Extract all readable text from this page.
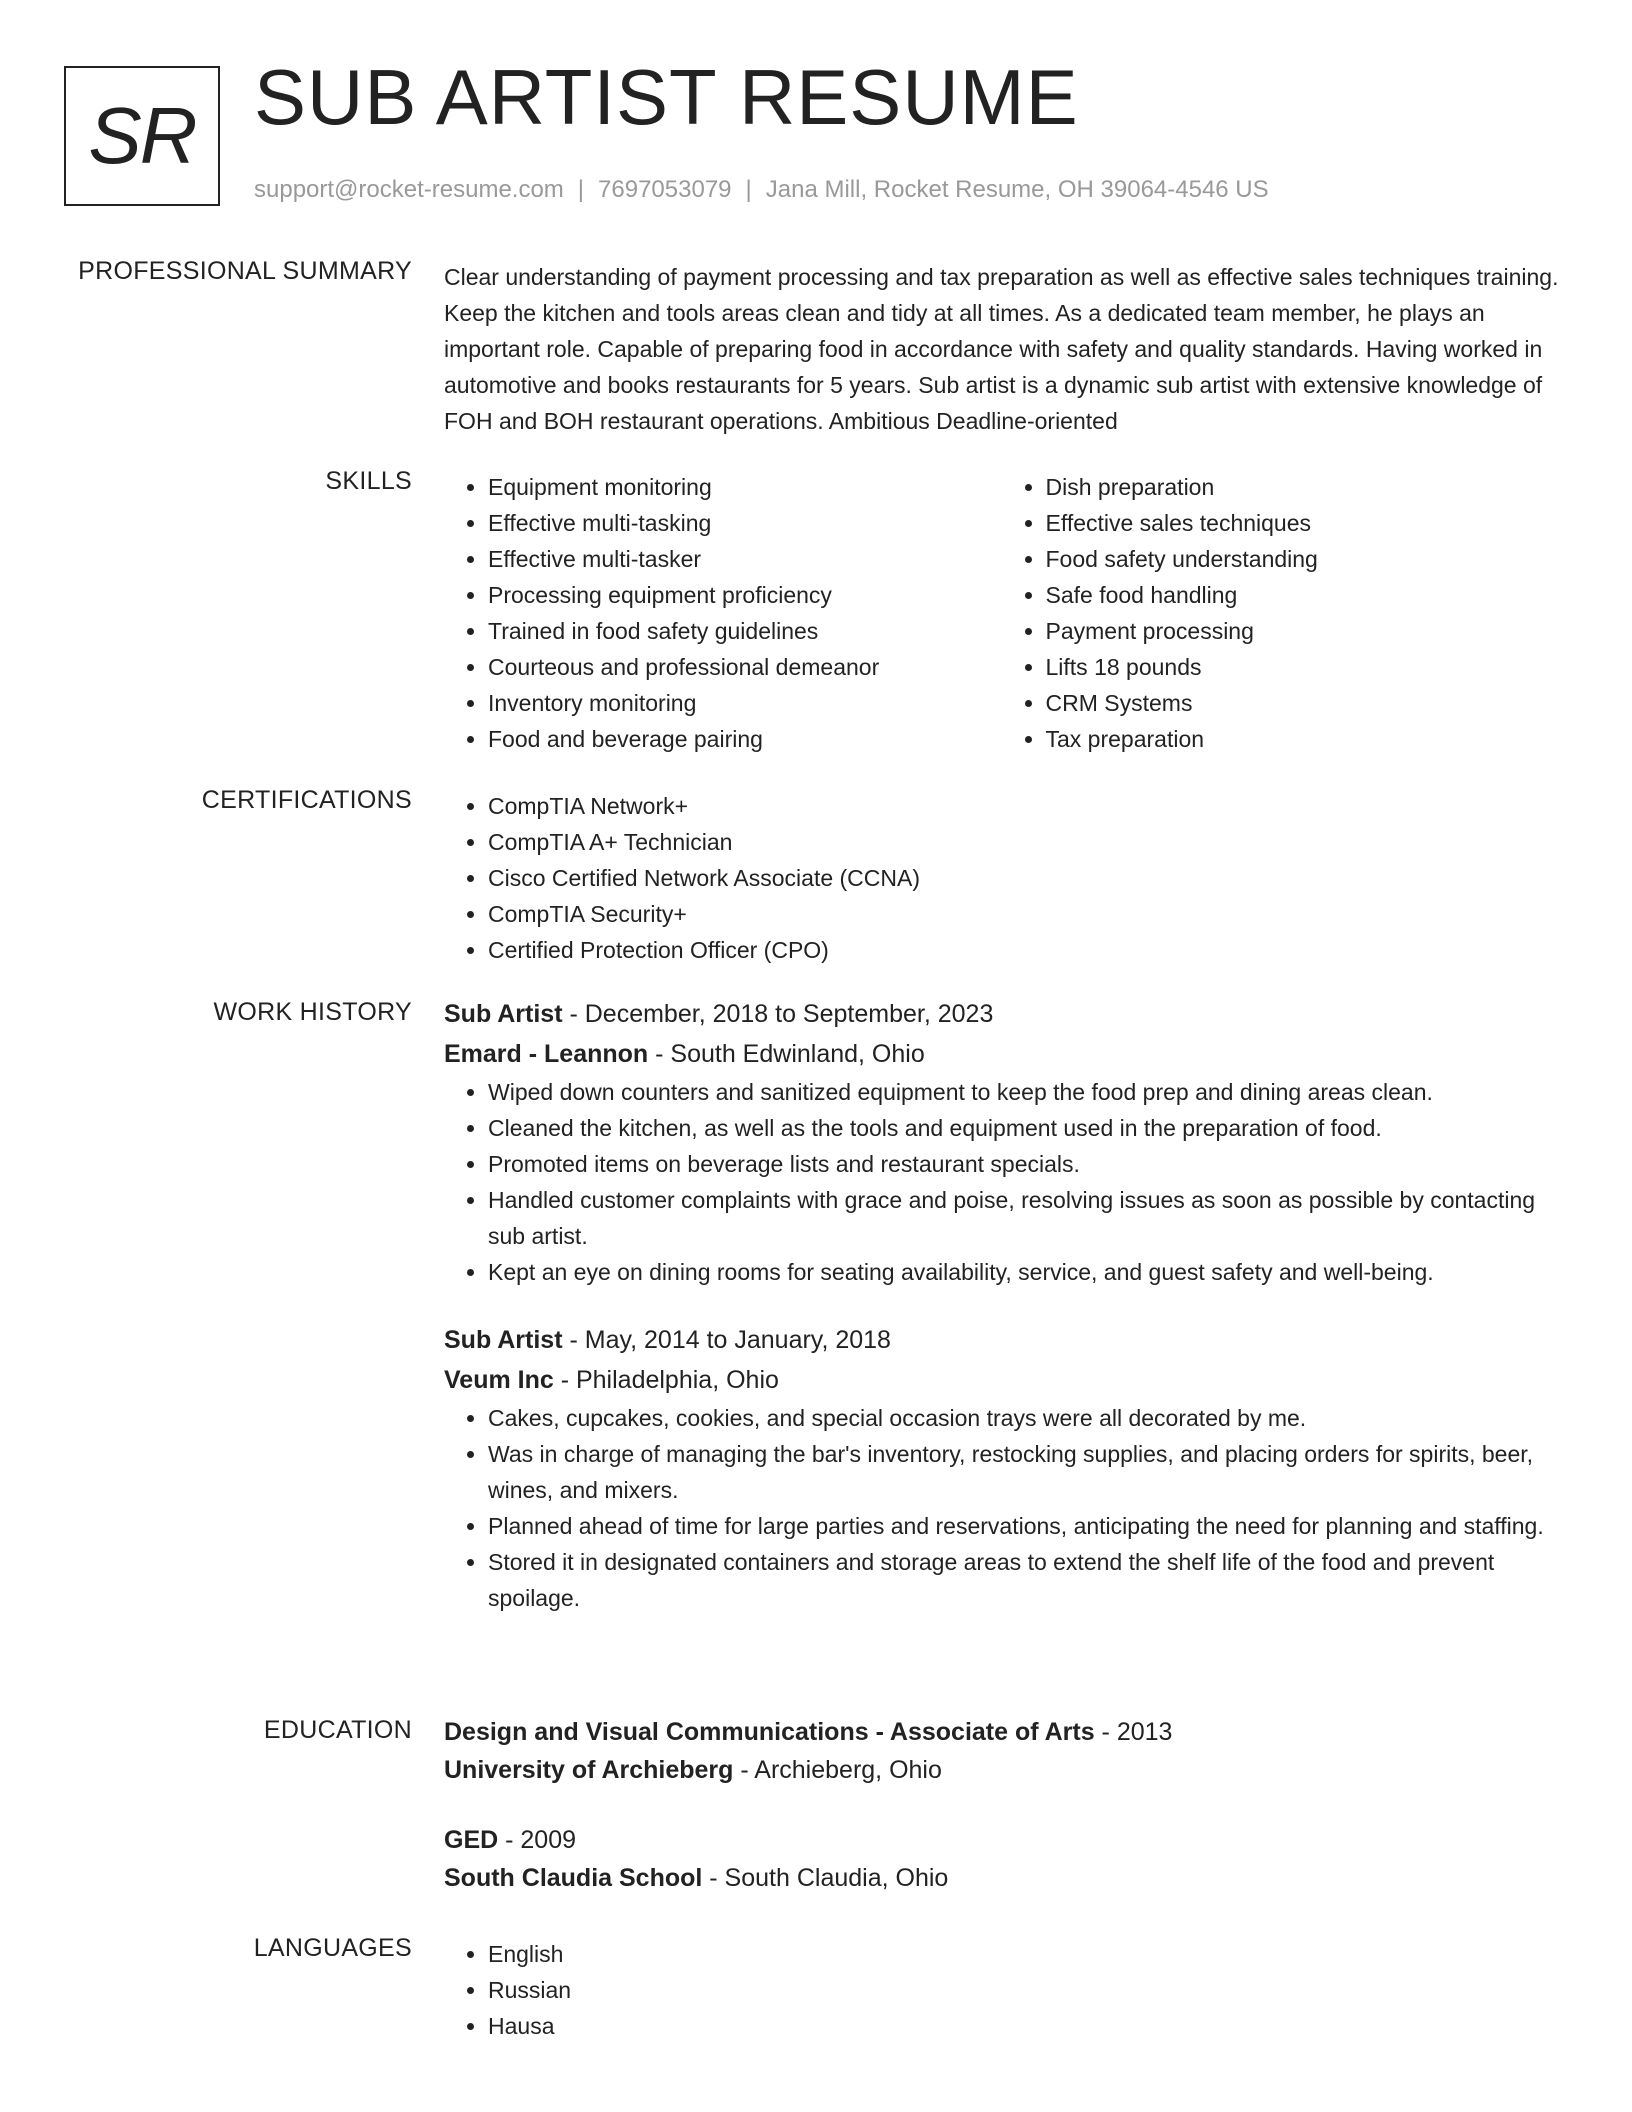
SR SUB ARTIST RESUME
support@rocket-resume.com | 7697053079 | Jana Mill, Rocket Resume, OH 39064-4546 US
PROFESSIONAL SUMMARY Clear understanding of payment processing and tax preparation as well as effective sales techniques training. Keep the kitchen and tools areas clean and tidy at all times. As a dedicated team member, he plays an important role. Capable of preparing food in accordance with safety and quality standards. Having worked in automotive and books restaurants for 5 years. Sub artist is a dynamic sub artist with extensive knowledge of FOH and BOH restaurant operations. Ambitious Deadline-oriented

SKILLS	• Equipment monitoring
• Effective multi-tasking
• Effective multi-tasker
• Processing equipment proficiency
• Trained in food safety guidelines
• Courteous and professional demeanor
• Inventory monitoring
• Food and beverage pairing
• Dish preparation
• Effective sales techniques
• Food safety understanding
• Safe food handling
• Payment processing
• Lifts 18 pounds
• CRM Systems
• Tax preparation
CERTIFICATIONS	• CompTIA Network+
• CompTIA A+ Technician
• Cisco Certified Network Associate (CCNA)
• CompTIA Security+
• Certified Protection Officer (CPO)
WORK HISTORY Sub Artist - December, 2018 to September, 2023
Emard - Leannon - South Edwinland, Ohio
• Wiped down counters and sanitized equipment to keep the food prep and dining areas clean.
• Cleaned the kitchen, as well as the tools and equipment used in the preparation of food.
• Promoted items on beverage lists and restaurant specials.
• Handled customer complaints with grace and poise, resolving issues as soon as possible by contacting sub artist.
• Kept an eye on dining rooms for seating availability, service, and guest safety and well-being.
Sub Artist - May, 2014 to January, 2018
Veum Inc - Philadelphia, Ohio
• Cakes, cupcakes, cookies, and special occasion trays were all decorated by me.
• Was in charge of managing the bar's inventory, restocking supplies, and placing orders for spirits, beer, wines, and mixers.
• Planned ahead of time for large parties and reservations, anticipating the need for planning and staffing.
• Stored it in designated containers and storage areas to extend the shelf life of the food and prevent spoilage.
EDUCATION Design and Visual Communications - Associate of Arts - 2013
University of Archieberg - Archieberg, Ohio
GED - 2009
South Claudia School - South Claudia, Ohio
LANGUAGES	• English
• Russian
• Hausa
